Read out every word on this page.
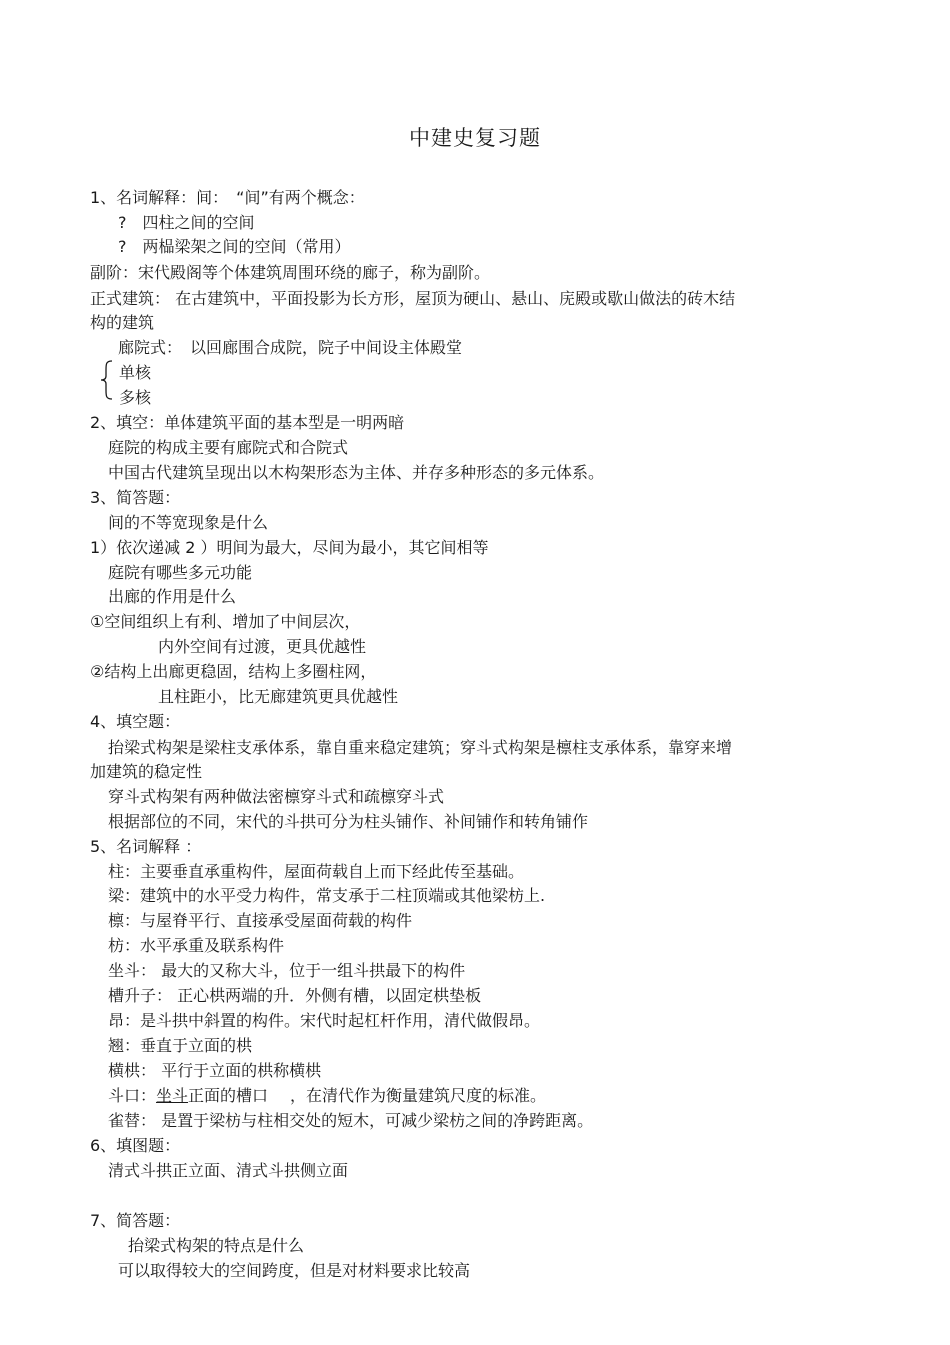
中建史复习题
1、名词解释：间：　“间”有两个概念：
?　四柱之间的空间
?　两榀梁架之间的空间（常用）
副阶：宋代殿阁等个体建筑周围环绕的廊子，称为副阶。
正式建筑： 在古建筑中，平面投影为长方形，屋顶为硬山、悬山、庑殿或歇山做法的砖木结
构的建筑
廊院式：　以回廊围合成院，院子中间设主体殿堂
单核
多核
2、填空：单体建筑平面的基本型是一明两暗
庭院的构成主要有廊院式和合院式
中国古代建筑呈现出以木构架形态为主体、并存多种形态的多元体系。
3、简答题：
间的不等宽现象是什么
1）依次递减 2 ）明间为最大，尽间为最小，其它间相等
庭院有哪些多元功能
出廊的作用是什么
①空间组织上有利、增加了中间层次，
内外空间有过渡，更具优越性
②结构上出廊更稳固，结构上多圈柱网，
且柱距小，比无廊建筑更具优越性
4、填空题：
抬梁式构架是梁柱支承体系，靠自重来稳定建筑；穿斗式构架是檩柱支承体系，靠穿来增
加建筑的稳定性
穿斗式构架有两种做法密檩穿斗式和疏檩穿斗式
根据部位的不同，宋代的斗拱可分为柱头铺作、补间铺作和转角铺作
5、名词解释 ：
柱：主要垂直承重构件，屋面荷载自上而下经此传至基础。
梁：建筑中的水平受力构件，常支承于二柱顶端或其他梁枋上.
檩：与屋脊平行、直接承受屋面荷载的构件
枋：水平承重及联系构件
坐斗： 最大的又称大斗，位于一组斗拱最下的构件
槽升子： 正心栱两端的升．外侧有槽，以固定栱垫板
昂：是斗拱中斜置的构件。宋代时起杠杆作用，清代做假昂。
翘：垂直于立面的栱
横栱： 平行于立面的栱称横栱
雀替： 是置于梁枋与柱相交处的短木，可减少梁枋之间的净跨距离。
6、填图题：
清式斗拱正立面、清式斗拱侧立面
7、简答题：
抬梁式构架的特点是什么
可以取得较大的空间跨度，但是对材料要求比较高
斗口：坐斗正面的槽口 ，在清代作为衡量建筑尺度的标准。
